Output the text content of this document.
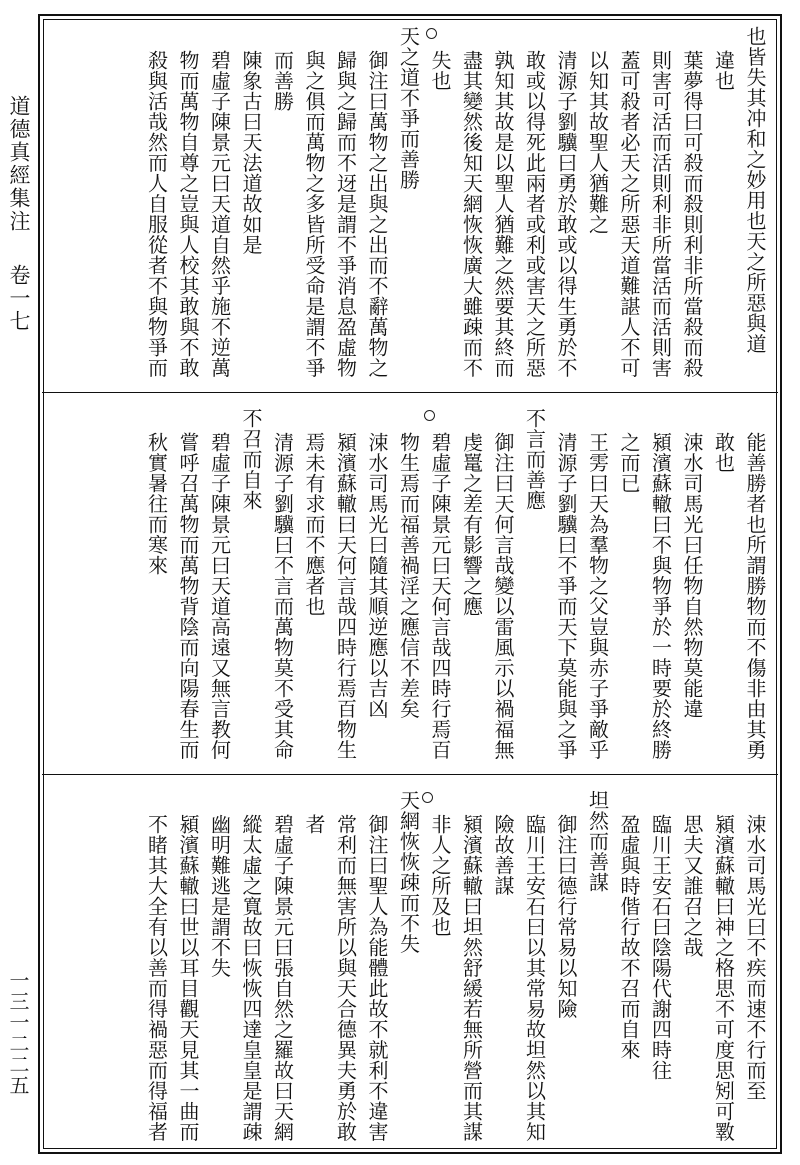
道德真經集注 卷一七
一三一二二五
也皆失其冲和之妙用也天之所惡與道
違也
葉夢得曰可殺而殺則利非所當殺而殺
則害可活而活則利非所當活而活則害
蓋可殺者必天之所惡天道難諶人不可
以知其故聖人猶難之
清源子劉驥曰勇於敢或以得生勇於不
敢或以得死此兩者或利或害天之所惡
孰知其故是以聖人猶難之然要其終而
盡其變然後知天網恢恢廣大雖疎而不
失也
天之道不爭而善勝
御注曰萬物之出與之出而不辭萬物之
歸與之歸而不迓是謂不爭消息盈虛物
與之俱而萬物之多皆所受命是謂不爭
而善勝
陳象古曰天法道故如是
碧虛子陳景元曰天道自然乎施不逆萬
物而萬物自尊之豈與人校其敢與不敢
殺與活哉然而人自服從者不與物爭而
能善勝者也所謂勝物而不傷非由其勇
敢也
涑水司馬光曰任物自然物莫能違
潁濱蘇轍曰不與物爭於一時要於終勝
之而已
王雱曰天為羣物之父豈與赤子爭敵乎
清源子劉驥曰不爭而天下莫能與之爭
不言而善應
御注曰天何言哉變以雷風示以禍福無
虔鼍之差有影響之應
碧虛子陳景元曰天何言哉四時行焉百
物生焉而福善禍淫之應信不差矣
涑水司馬光曰隨其順逆應以吉凶
潁濱蘇轍曰天何言哉四時行焉百物生
焉未有求而不應者也
清源子劉驥曰不言而萬物莫不受其命
不召而自來
碧虛子陳景元曰天道高遠又無言教何
嘗呼召萬物而萬物背陰而向陽春生而
秋實暑往而寒來
涑水司馬光曰不疾而速不行而至
潁濱蘇轍曰神之格思不可度思矧可斁
思夫又誰召之哉
臨川王安石曰陰陽代謝四時往
盈虛與時偕行故不召而自來
坦然而善謀
御注曰德行常易以知險
臨川王安石曰以其常易故坦然以其知
險故善謀
潁濱蘇轍曰坦然舒緩若無所營而其謀
非人之所及也
天網恢恢疎而不失
御注曰聖人為能體此故不就利不違害
常利而無害所以與天合德異夫勇於敢
者
碧虛子陳景元曰張自然之羅故曰天網
縱太虛之寬故曰恢恢四達皇皇是謂疎
幽明難逃是謂不失
潁濱蘇轍曰世以耳目觀天見其一曲而
不睹其大全有以善而得禍惡而得福者
